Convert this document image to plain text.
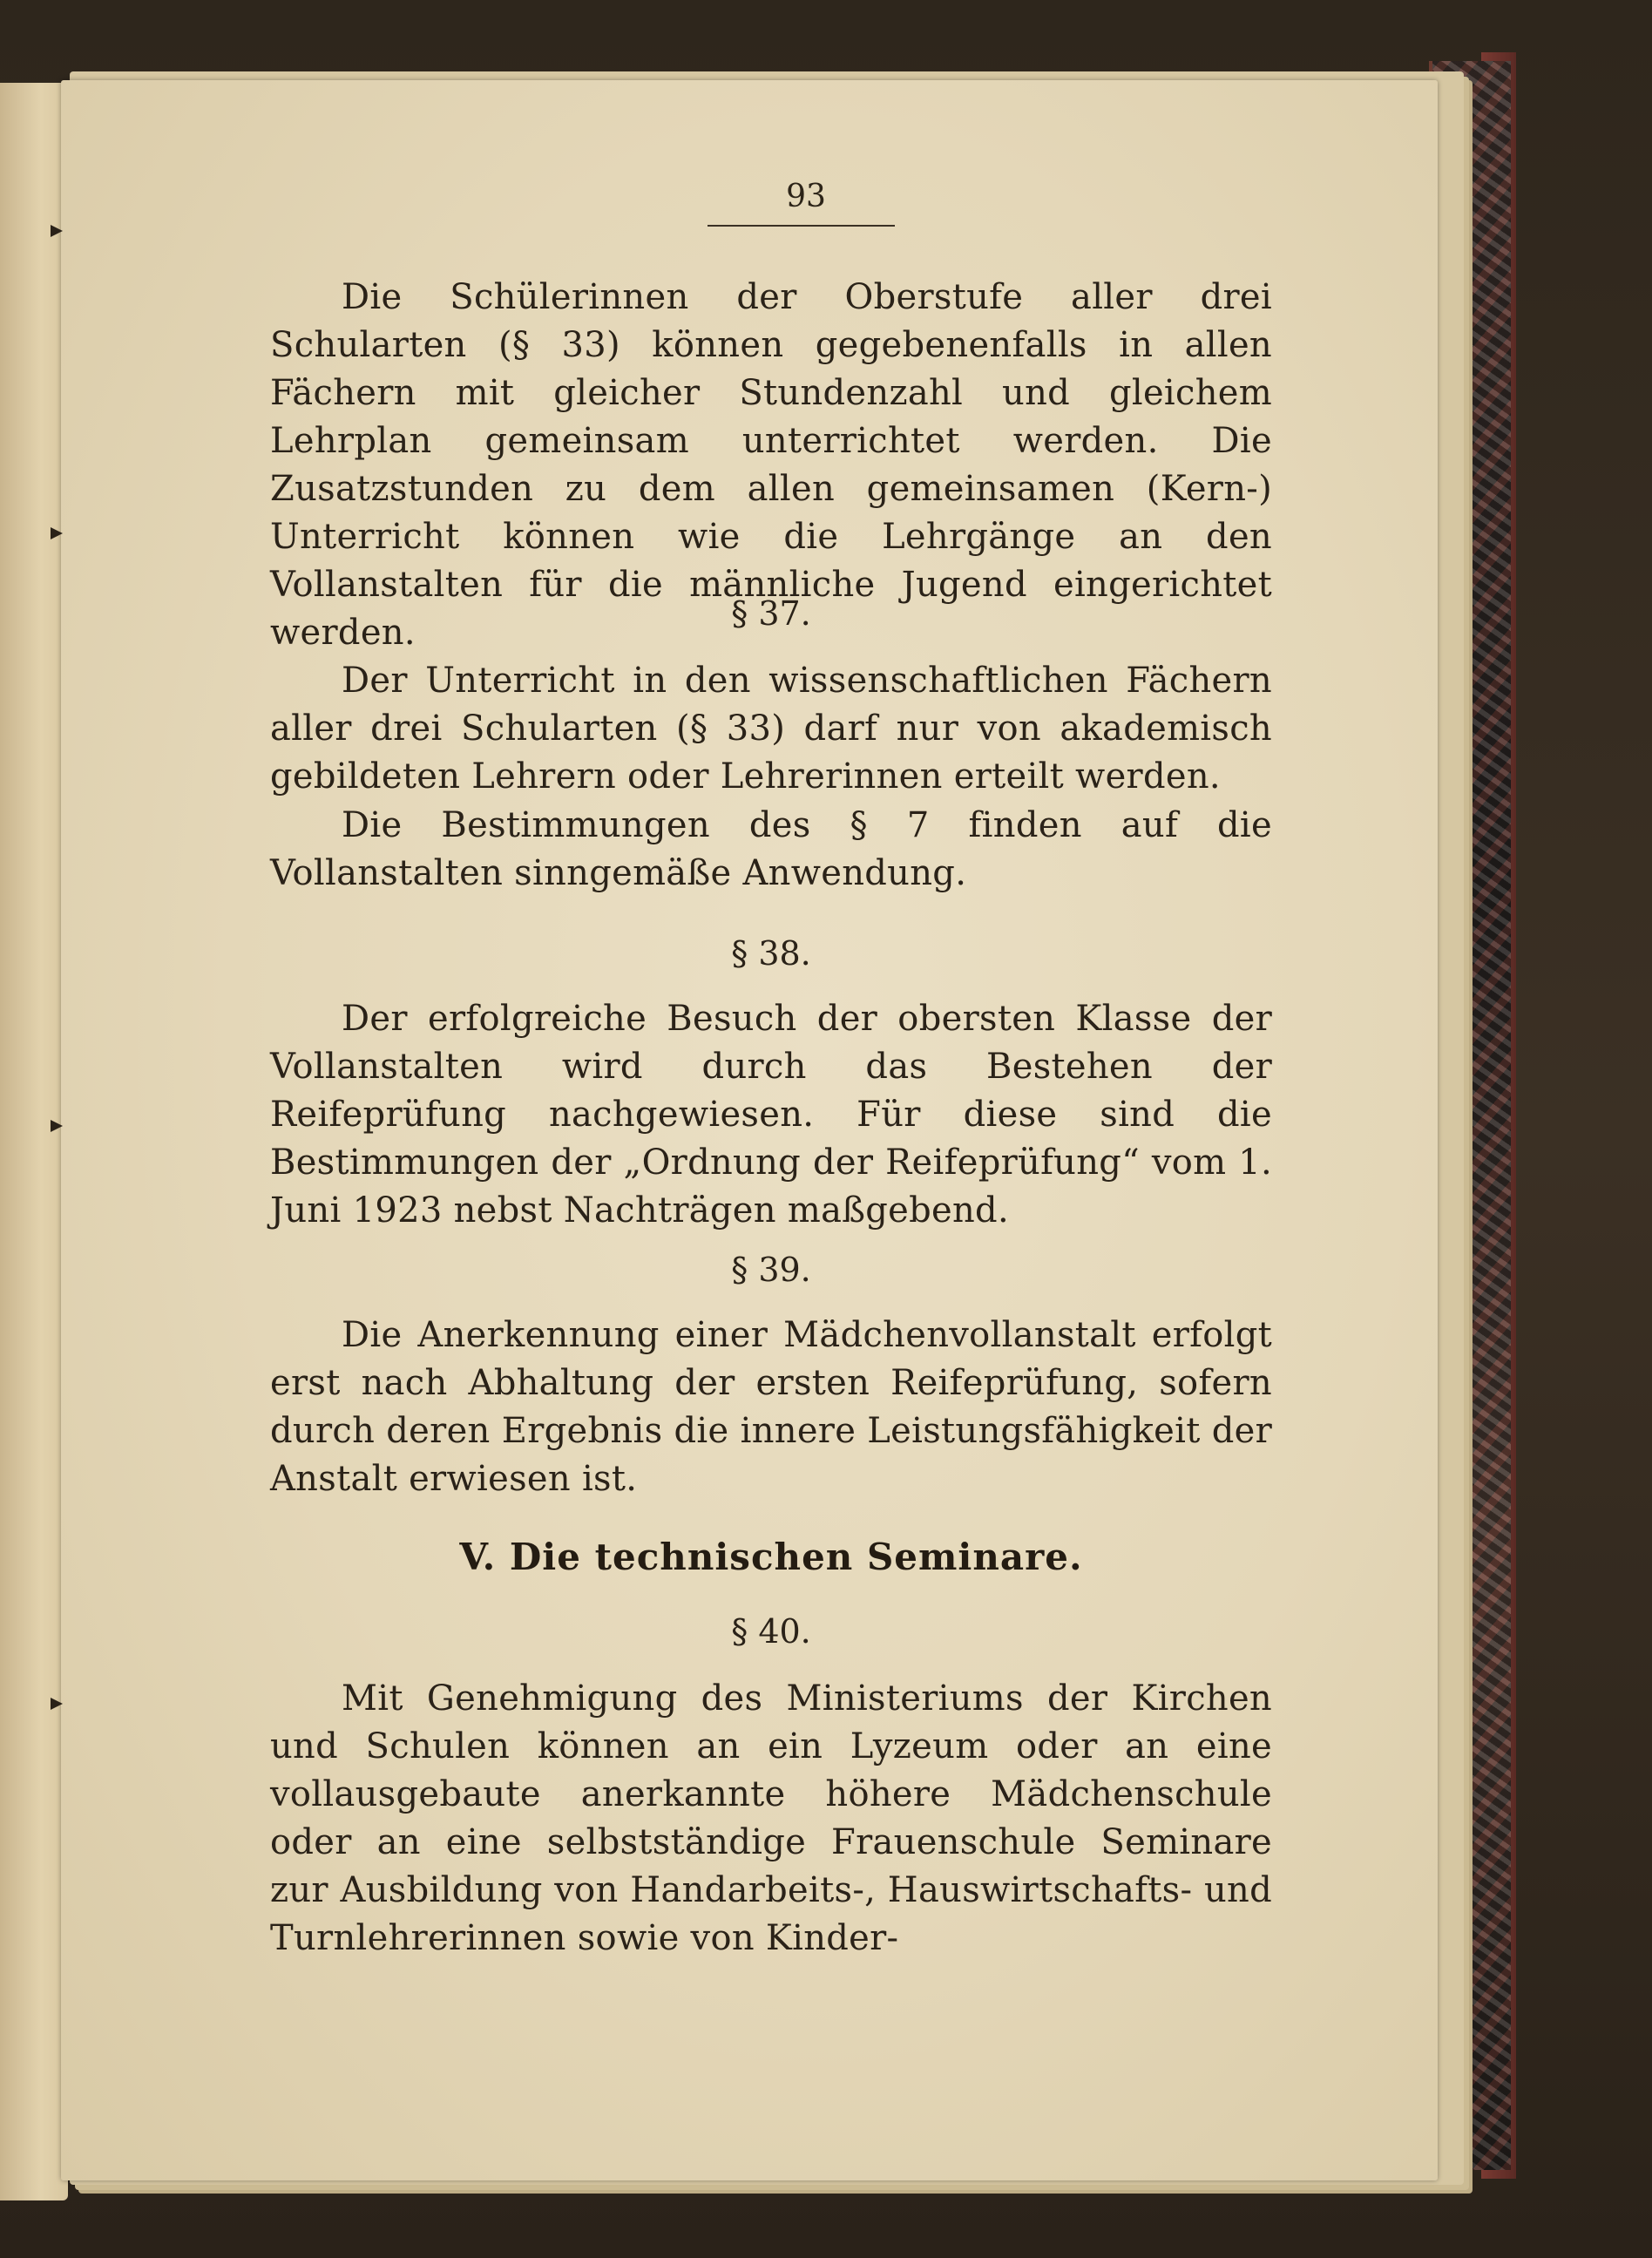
93
Die Schülerinnen der Oberstufe aller drei Schularten (§ 33) können gegebenenfalls in allen Fächern mit gleicher Stundenzahl und gleichem Lehrplan gemeinsam unterrichtet werden. Die Zusatzstunden zu dem allen gemeinsamen (Kern-) Unterricht können wie die Lehrgänge an den Vollanstalten für die männliche Jugend eingerichtet werden.	§ 37.
Der Unterricht in den wissenschaftlichen Fächern aller drei Schularten (§ 33) darf nur von akademisch gebildeten Lehrern oder Lehrerinnen erteilt werden.
Die Bestimmungen des § 7 finden auf die Vollanstalten sinngemäße Anwendung.
§ 38.
Der erfolgreiche Besuch der obersten Klasse der Vollanstalten wird durch das Bestehen der Reifeprüfung nachgewiesen. Für diese sind die Bestimmungen der „Ordnung der Reifeprüfung“ vom 1. Juni 1923 nebst Nachträgen maßgebend.
§ 39.
Die Anerkennung einer Mädchenvollanstalt erfolgt erst nach Abhaltung der ersten Reifeprüfung, sofern durch deren Ergebnis die innere Leistungsfähigkeit der Anstalt erwiesen ist.
V. Die technischen Seminare.
§ 40.
Mit Genehmigung des Ministeriums der Kirchen und Schulen können an ein Lyzeum oder an eine vollausgebaute anerkannte höhere Mädchenschule oder an eine selbstständige Frauenschule Seminare zur Ausbildung von Handarbeits-, Hauswirtschafts- und Turnlehrerinnen sowie von Kinder-
